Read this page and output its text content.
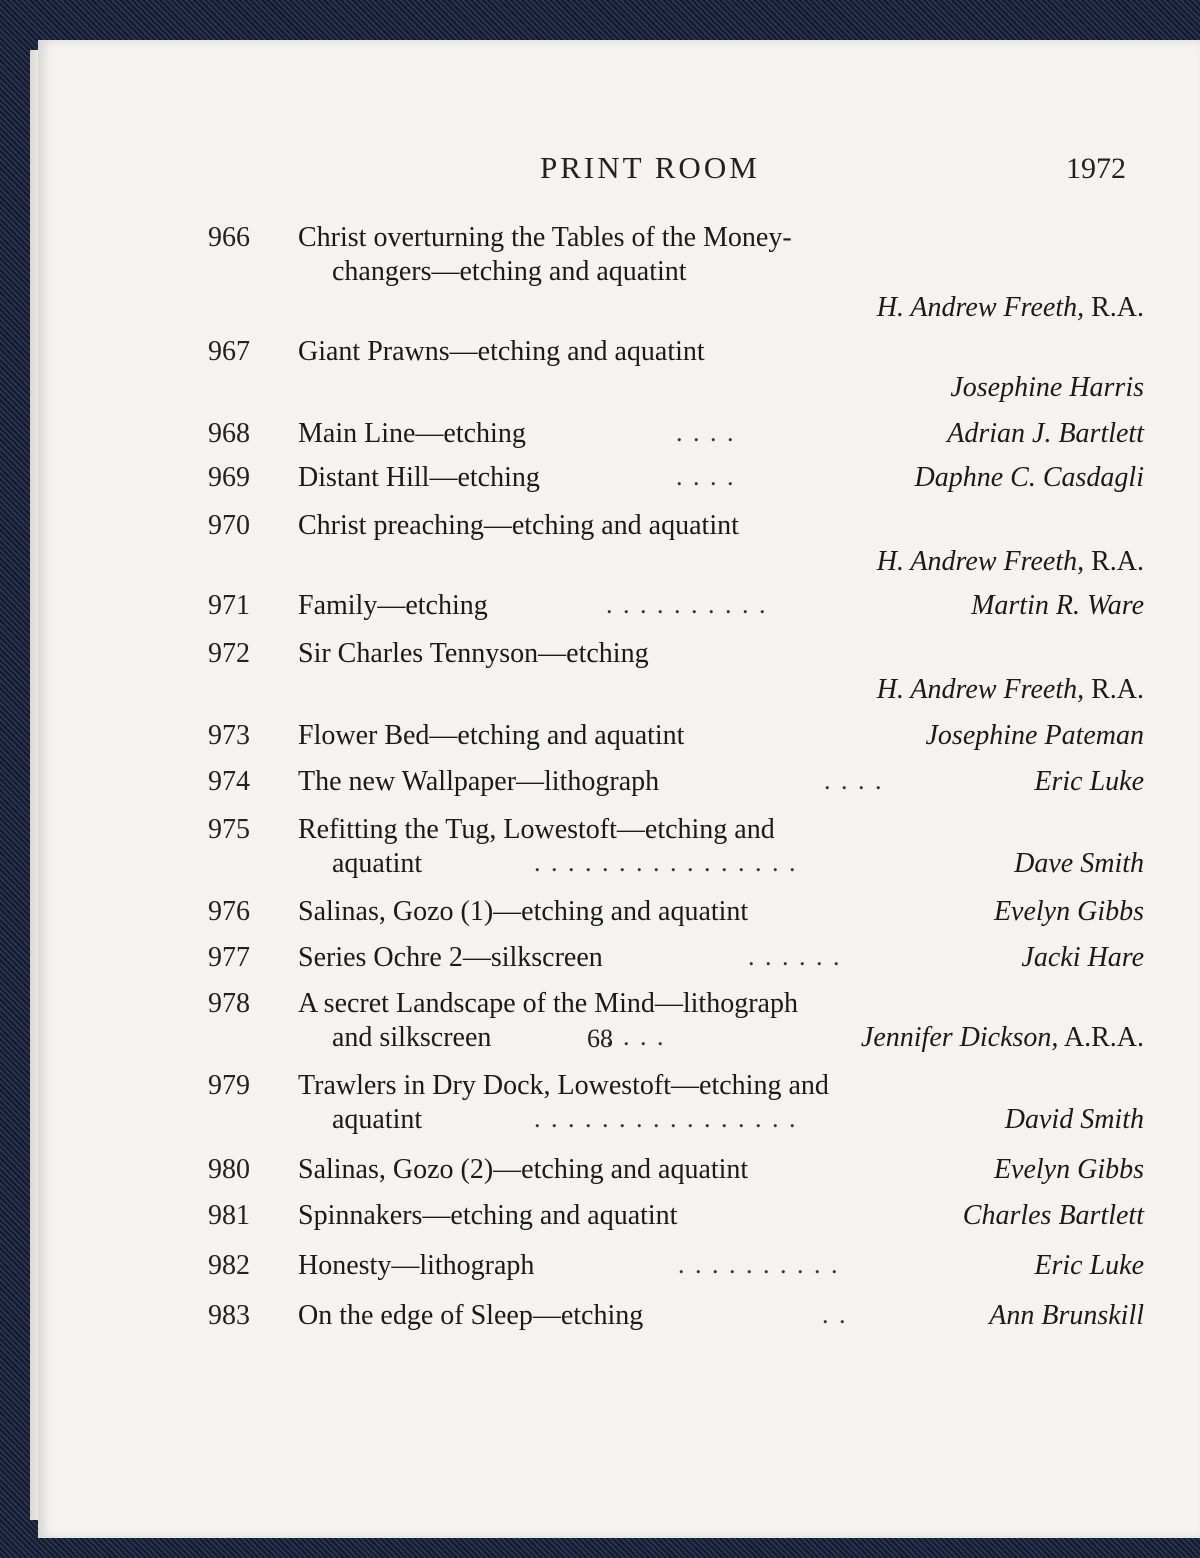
PRINT ROOM	1972
966 Christ overturning the Tables of the Money-
changers—etching and aquatint
H. Andrew Freeth, R.A.
967 Giant Prawns—etching and aquatint
Josephine Harris
968 Main Line—etching	. . . .	Adrian J. Bartlett
969 Distant Hill—etching	. . . .	Daphne C. Casdagli
970 Christ preaching—etching and aquatint
H. Andrew Freeth, R.A.
971 Family—etching	. . . . . . . . . .	Martin R. Ware
972 Sir Charles Tennyson—etching
H. Andrew Freeth, R.A.
973 Flower Bed—etching and aquatint	Josephine Pateman
974 The new Wallpaper—lithograph	. . . .	Eric Luke
975 Refitting the Tug, Lowestoft—etching and
aquatint	. . . . . . . . . . . . . . . .	Dave Smith
976 Salinas, Gozo (1)—etching and aquatint	Evelyn Gibbs
977 Series Ochre 2—silkscreen	. . . . . .	Jacki Hare
978 A secret Landscape of the Mind—lithograph
and silkscreen	. . . .	Jennifer Dickson, A.R.A.
979 Trawlers in Dry Dock, Lowestoft—etching and
aquatint	. . . . . . . . . . . . . . . .	David Smith
980 Salinas, Gozo (2)—etching and aquatint	Evelyn Gibbs
981 Spinnakers—etching and aquatint	Charles Bartlett
982 Honesty—lithograph	. . . . . . . . . .	Eric Luke
983 On the edge of Sleep—etching	. .	Ann Brunskill
68
